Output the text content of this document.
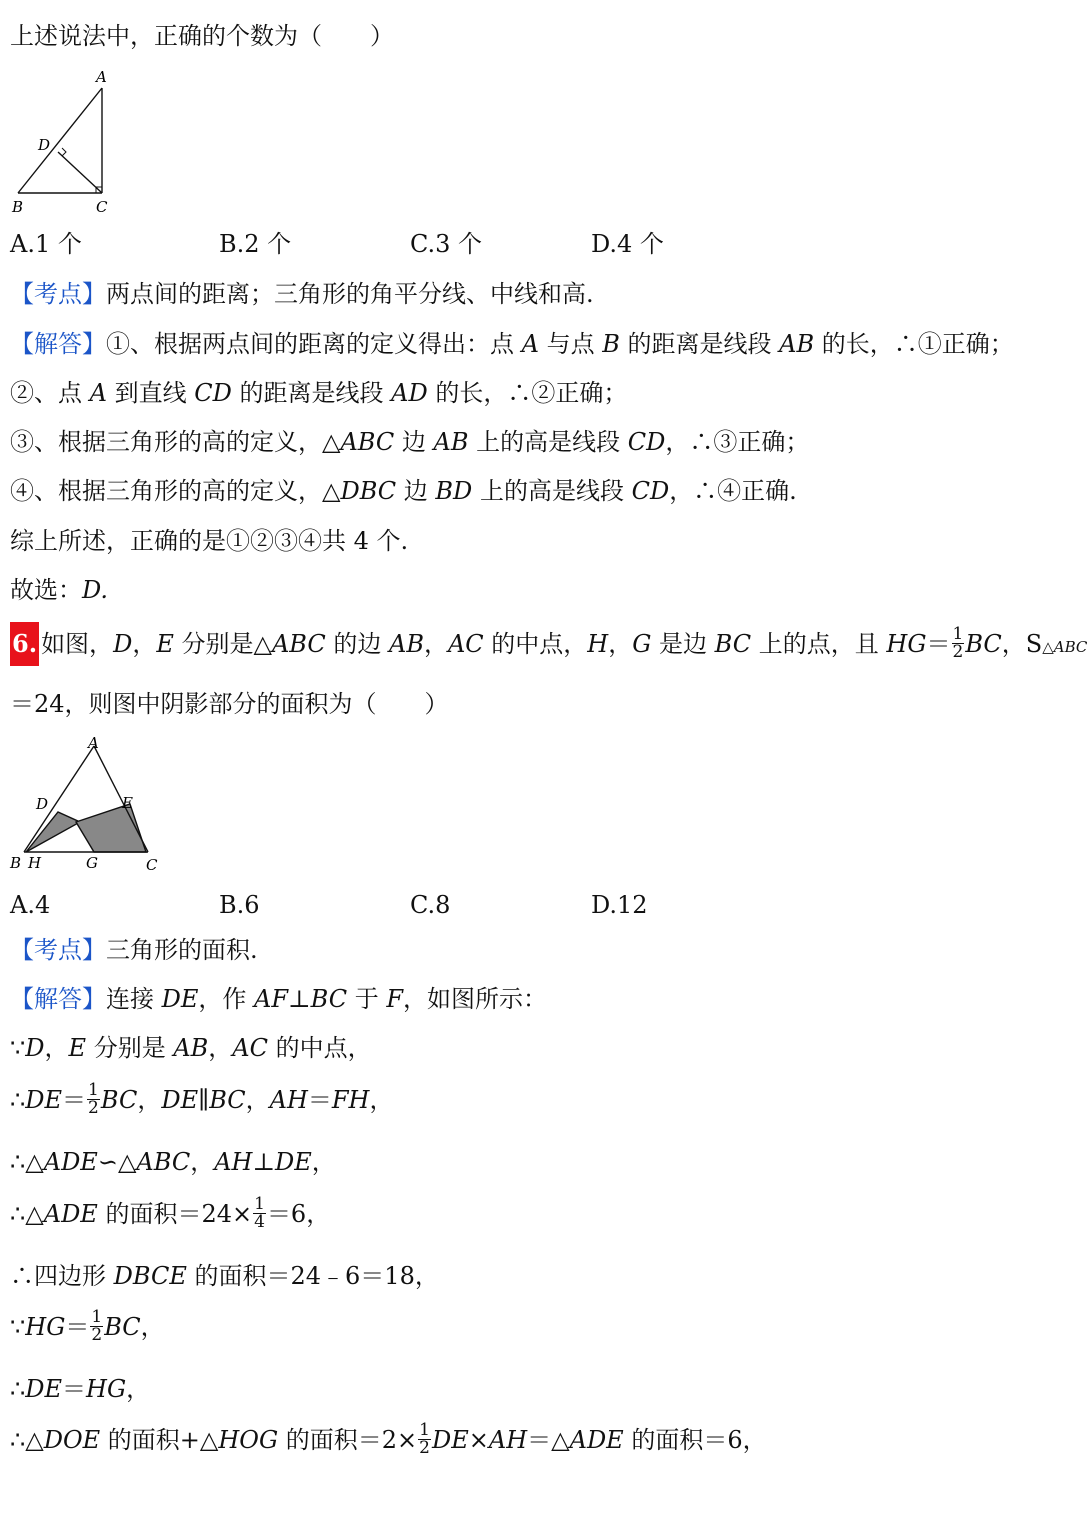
上述说法中，正确的个数为（　　）
A
B	C
D
A.1 个	B.2 个	C.3 个	D.4 个
【考点】两点间的距离；三角形的角平分线、中线和高.
【解答】①、根据两点间的距离的定义得出：点 A 与点 B 的距离是线段 AB 的长，∴①正确；
②、点 A 到直线 CD 的距离是线段 AD 的长，∴②正确；
③、根据三角形的高的定义，△ABC 边 AB 上的高是线段 CD，∴③正确；
④、根据三角形的高的定义，△DBC 边 BD 上的高是线段 CD，∴④正确.
综上所述，正确的是①②③④共 4 个.
故选：D.
6. 如图，D，E 分别是△ABC 的边 AB，AC 的中点，H，G 是边 BC 上的点，且 $HG= \frac{1}{2}$ BC，S△ABC
＝24，则图中阴影部分的面积为（　　）
A
D	E
B H	G	C
A.4	B.6	C.8	D.12
【考点】三角形的面积.
【解答】连接 DE，作 AF⊥BC 于 F，如图所示：
∵D，E 分别是 AB，AC 的中点，
∴DE＝ $\frac{1}{2}$ BC，DE∥BC，AH＝FH，
∴△ADE∽△ABC，AH⊥DE，
∴△ADE 的面积$=24\times \frac{1}{4} =6$，
∴四边形 DBCE 的面积＝24﹣6＝18，
∵HG＝ $\frac{1}{2}$ BC，
∴DE＝HG，
∴△DOE 的面积+△HOG 的面积$=2\times \frac{1}{2}$ DE×AH＝△ADE 的面积＝6，
